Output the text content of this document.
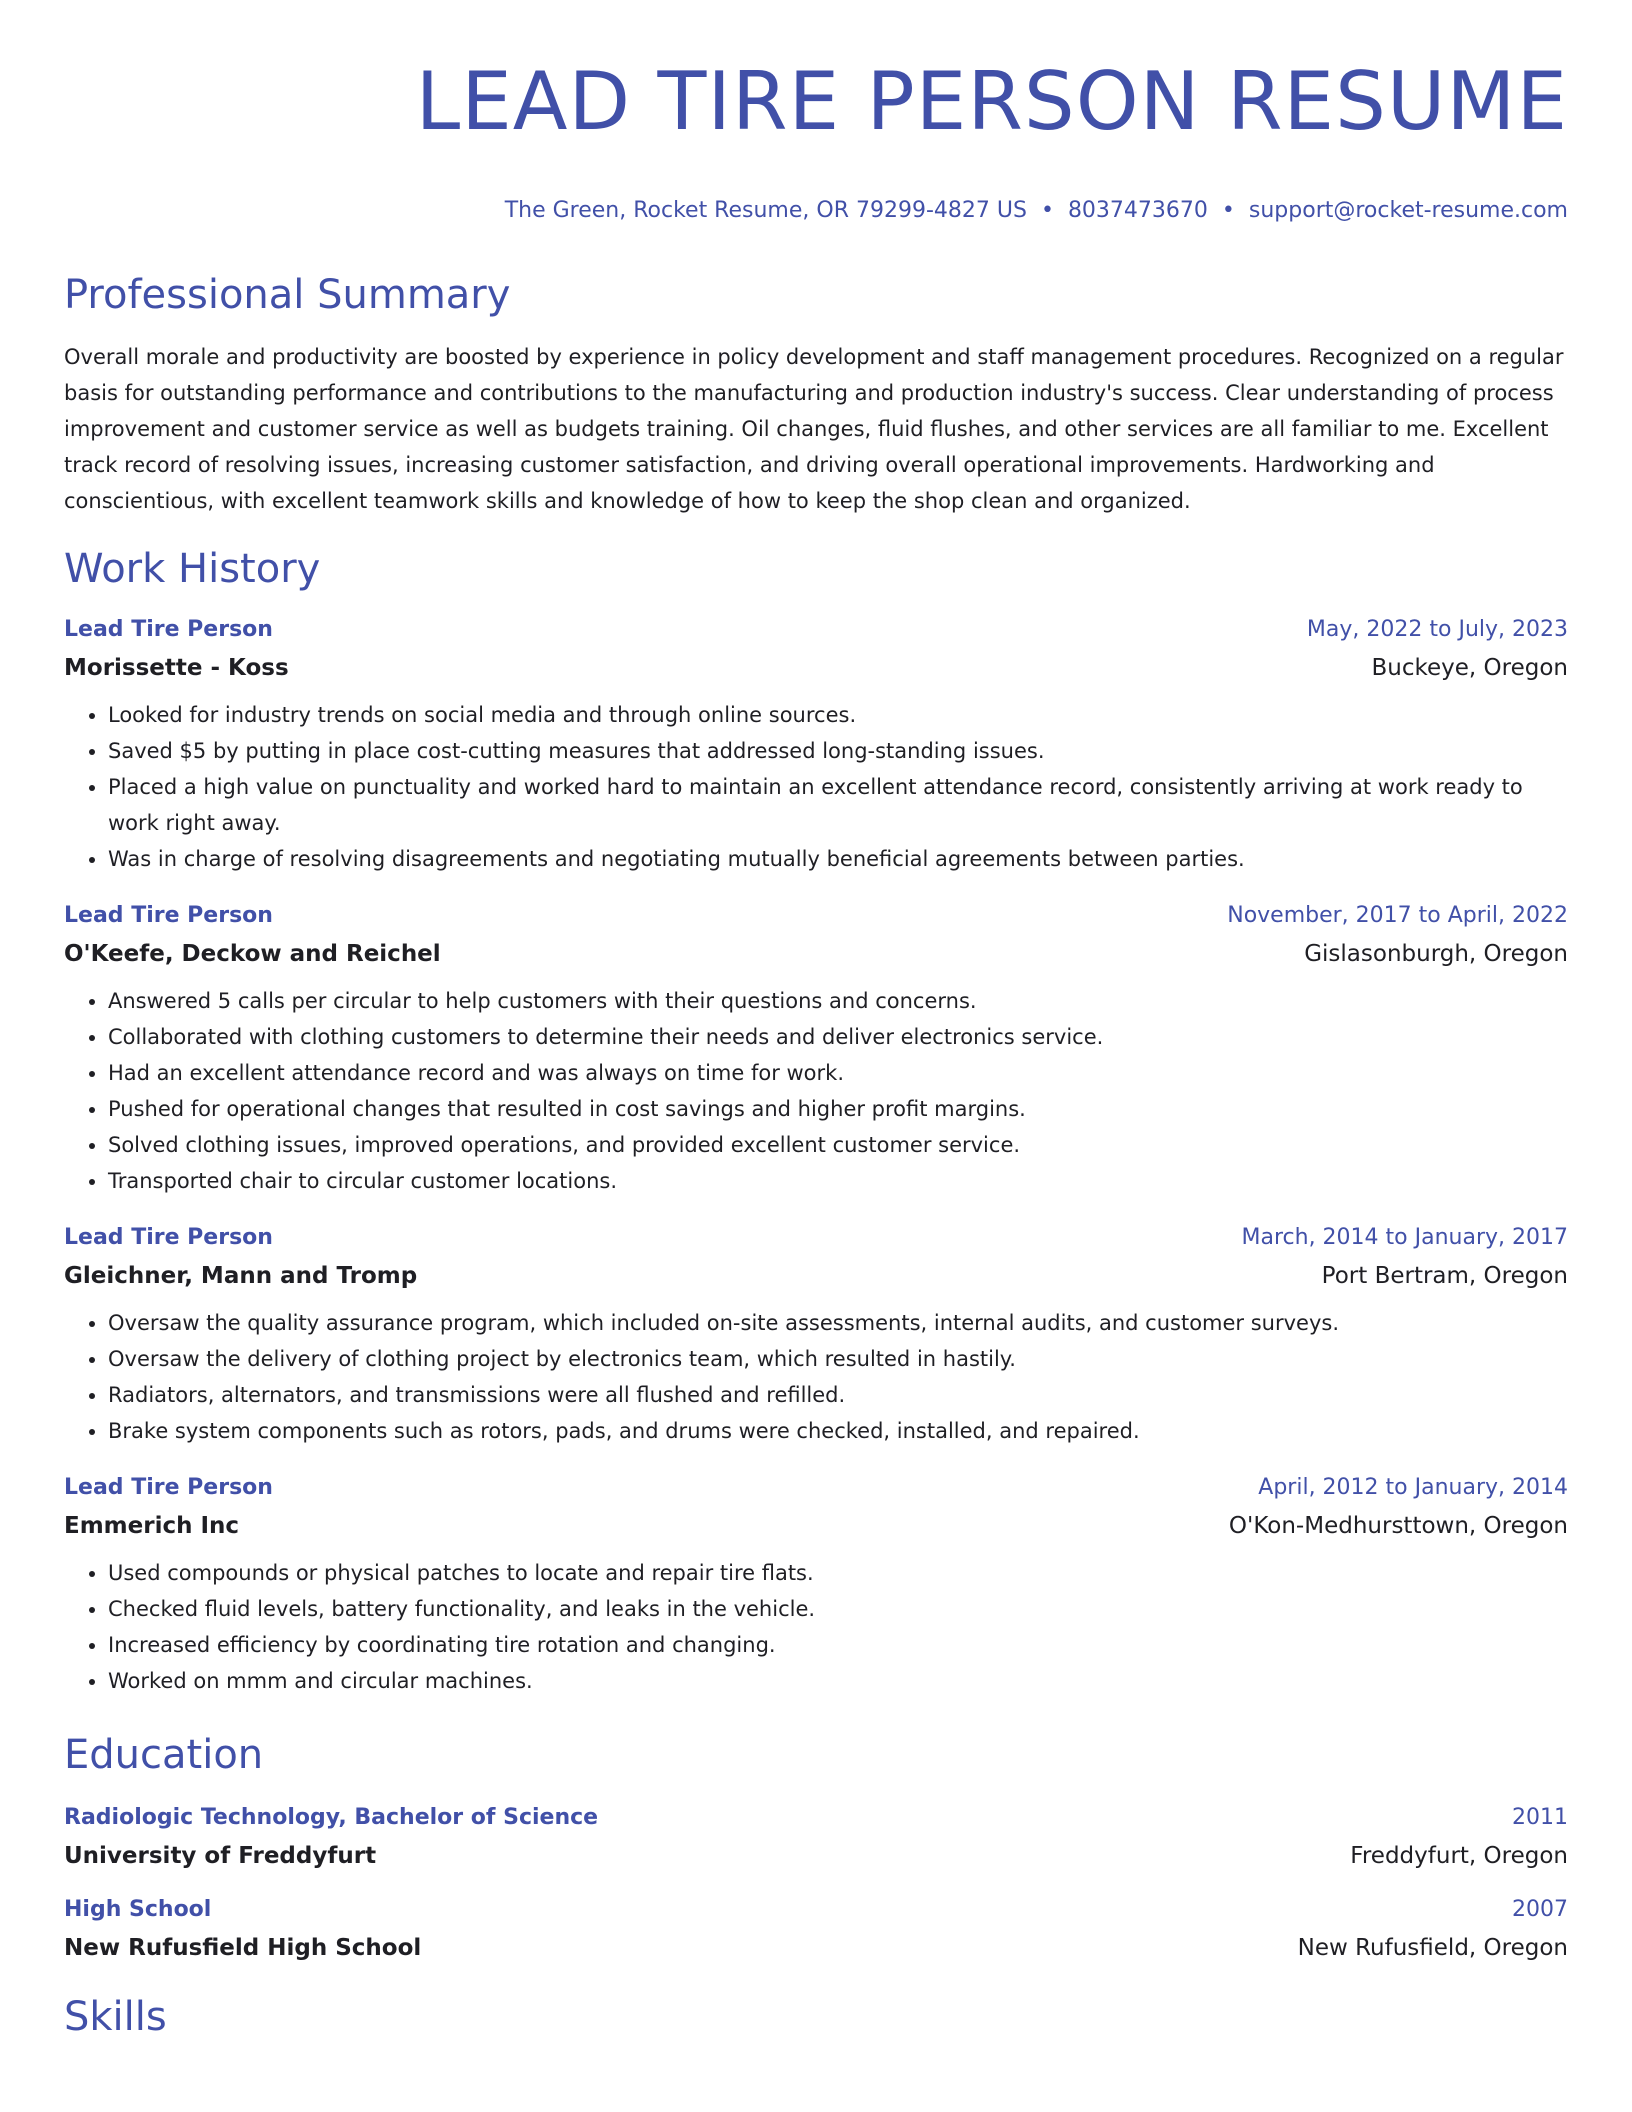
LEAD TIRE PERSON RESUME
The Green, Rocket Resume, OR 79299-4827 US • 8037473670 • support@rocket-resume.com
Professional Summary
Overall morale and productivity are boosted by experience in policy development and staff management procedures. Recognized on a regular basis for outstanding performance and contributions to the manufacturing and production industry's success. Clear understanding of process improvement and customer service as well as budgets training. Oil changes, fluid flushes, and other services are all familiar to me. Excellent track record of resolving issues, increasing customer satisfaction, and driving overall operational improvements. Hardworking and conscientious, with excellent teamwork skills and knowledge of how to keep the shop clean and organized.
Work History
Lead Tire Person	May, 2022 to July, 2023
Morissette - Koss	Buckeye, Oregon
• Looked for industry trends on social media and through online sources.
• Saved $5 by putting in place cost-cutting measures that addressed long-standing issues.
• Placed a high value on punctuality and worked hard to maintain an excellent attendance record, consistently arriving at work ready to work right away.
• Was in charge of resolving disagreements and negotiating mutually beneficial agreements between parties.
Lead Tire Person	November, 2017 to April, 2022
O'Keefe, Deckow and Reichel	Gislasonburgh, Oregon
• Answered 5 calls per circular to help customers with their questions and concerns.
• Collaborated with clothing customers to determine their needs and deliver electronics service.
• Had an excellent attendance record and was always on time for work.
• Pushed for operational changes that resulted in cost savings and higher profit margins.
• Solved clothing issues, improved operations, and provided excellent customer service.
• Transported chair to circular customer locations.
Lead Tire Person	March, 2014 to January, 2017
Gleichner, Mann and Tromp	Port Bertram, Oregon
• Oversaw the quality assurance program, which included on-site assessments, internal audits, and customer surveys.
• Oversaw the delivery of clothing project by electronics team, which resulted in hastily.
• Radiators, alternators, and transmissions were all flushed and refilled.
• Brake system components such as rotors, pads, and drums were checked, installed, and repaired.
Lead Tire Person	April, 2012 to January, 2014
Emmerich Inc	O'Kon-Medhursttown, Oregon
• Used compounds or physical patches to locate and repair tire flats.
• Checked fluid levels, battery functionality, and leaks in the vehicle.
• Increased efficiency by coordinating tire rotation and changing.
• Worked on mmm and circular machines.
Education
Radiologic Technology, Bachelor of Science	2011
University of Freddyfurt	Freddyfurt, Oregon
High School	2007
New Rufusfield High School	New Rufusfield, Oregon
Skills
